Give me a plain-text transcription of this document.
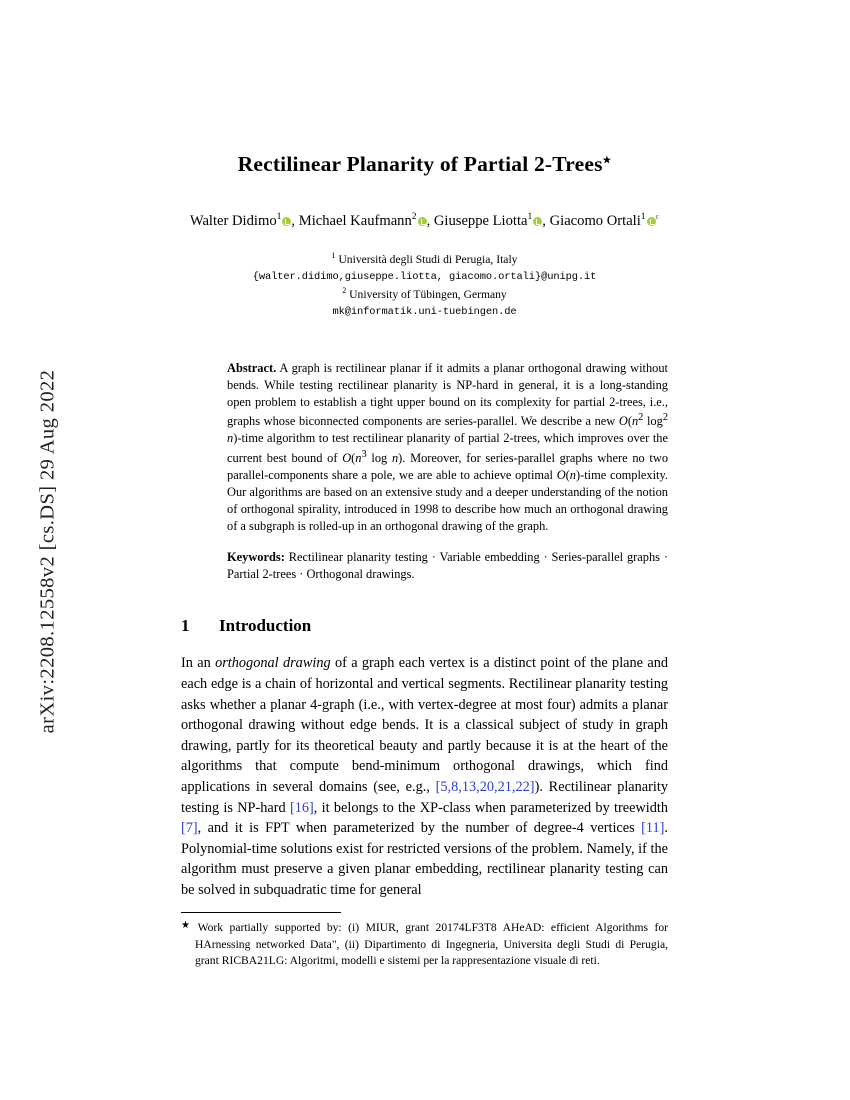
arXiv:2208.12558v2 [cs.DS] 29 Aug 2022
Rectilinear Planarity of Partial 2-Trees★
Walter Didimo$^1$ , Michael Kaufmann$^2$ , Giuseppe Liotta$^1$ , Giacomo Ortali$^1$ $^c$
$^1$ Università degli Studi di Perugia, Italy
{walter.didimo,giuseppe.liotta, giacomo.ortali}@unipg.it
$^2$ University of Tübingen, Germany
mk@informatik.uni-tuebingen.de
Abstract. A graph is rectilinear planar if it admits a planar orthogonal drawing without bends. While testing rectilinear planarity is NP-hard in general, it is a long-standing open problem to establish a tight upper bound on its complexity for partial 2-trees, i.e., graphs whose biconnected components are series-parallel. We describe a new $O(n^2$ $\log^2$ n)-time algorithm to test rectilinear planarity of partial 2-trees, which improves over the current best bound of $O(n^3$ log n). Moreover, for series-parallel graphs where no two parallel-components share a pole, we are able to achieve optimal O(n)-time complexity. Our algorithms are based on an extensive study and a deeper understanding of the notion of orthogonal spirality, introduced in 1998 to describe how much an orthogonal drawing of a subgraph is rolled-up in an orthogonal drawing of the graph.
Keywords: Rectilinear planarity testing · Variable embedding · Series-parallel graphs · Partial 2-trees · Orthogonal drawings.
1 Introduction
In an orthogonal drawing of a graph each vertex is a distinct point of the plane and each edge is a chain of horizontal and vertical segments. Rectilinear planarity testing asks whether a planar 4-graph (i.e., with vertex-degree at most four) admits a planar orthogonal drawing without edge bends. It is a classical subject of study in graph drawing, partly for its theoretical beauty and partly because it is at the heart of the algorithms that compute bend-minimum orthogonal drawings, which find applications in several domains (see, e.g., [5,8,13,20,21,22]). Rectilinear planarity testing is NP-hard [16], it belongs to the XP-class when parameterized by treewidth [7], and it is FPT when parameterized by the number of degree-4 vertices [11]. Polynomial-time solutions exist for restricted versions of the problem. Namely, if the algorithm must preserve a given planar embedding, rectilinear planarity testing can be solved in subquadratic time for general
★ Work partially supported by: (i) MIUR, grant 20174LF3T8 AHeAD: efficient Algorithms for HArnessing networked Data", (ii) Dipartimento di Ingegneria, Universita degli Studi di Perugia, grant RICBA21LG: Algoritmi, modelli e sistemi per la rappresentazione visuale di reti.
